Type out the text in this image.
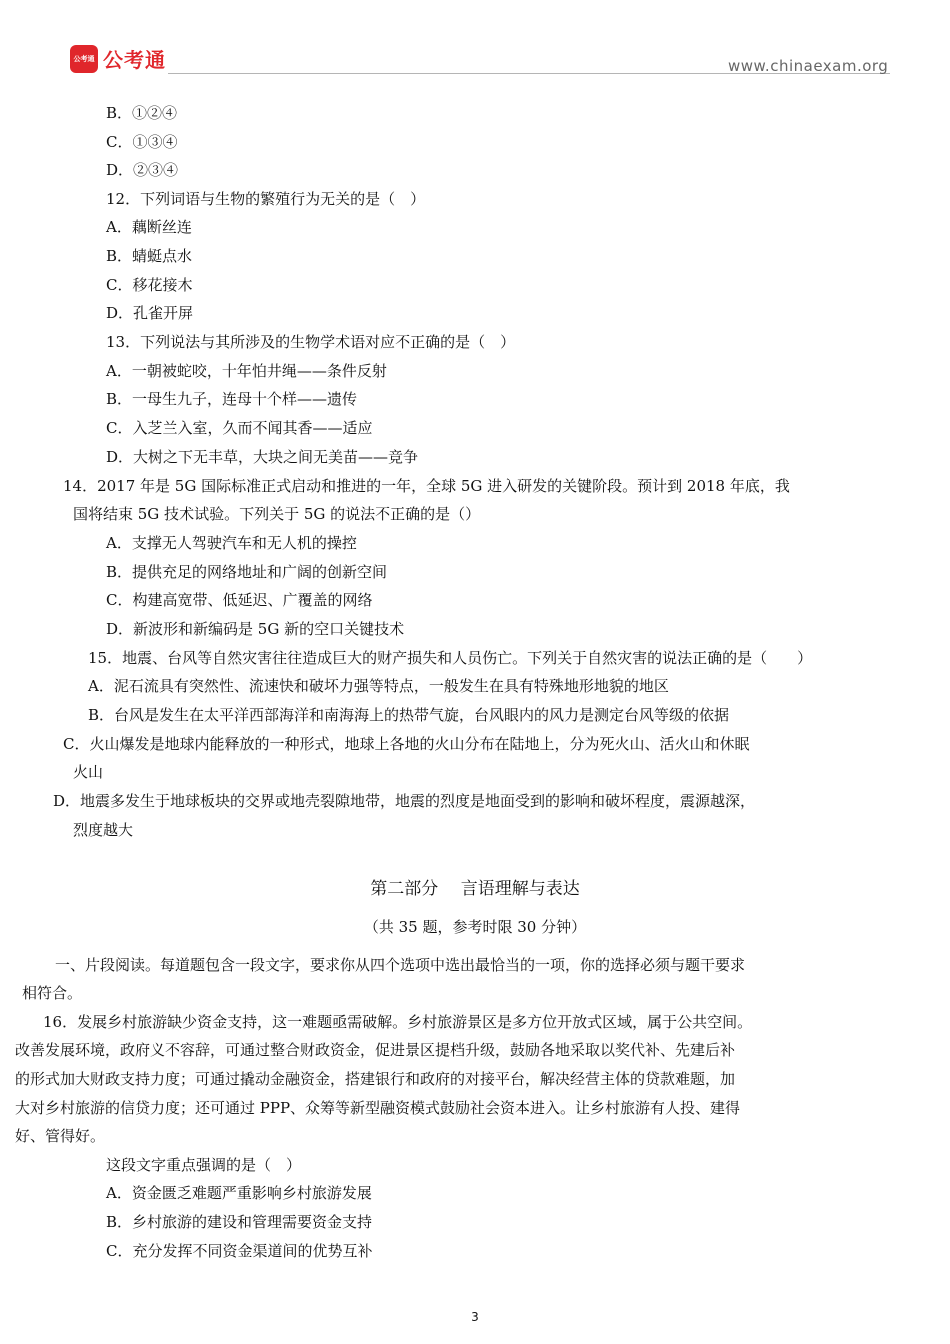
公考通 公考通	www.chinaexam.org
B．①②④
C．①③④
D．②③④
12．下列词语与生物的繁殖行为无关的是（　）
A．藕断丝连
B．蜻蜓点水
C．移花接木
D．孔雀开屏
13．下列说法与其所涉及的生物学术语对应不正确的是（　）
A．一朝被蛇咬，十年怕井绳——条件反射
B．一母生九子，连母十个样——遗传
C．入芝兰入室，久而不闻其香——适应
D．大树之下无丰草，大块之间无美苗——竞争
14．2017 年是 5G 国际标准正式启动和推进的一年，全球 5G 进入研发的关键阶段。预计到 2018 年底，我
国将结束 5G 技术试验。下列关于 5G 的说法不正确的是（）
A．支撑无人驾驶汽车和无人机的操控
B．提供充足的网络地址和广阔的创新空间
C．构建高宽带、低延迟、广覆盖的网络
D．新波形和新编码是 5G 新的空口关键技术
15．地震、台风等自然灾害往往造成巨大的财产损失和人员伤亡。下列关于自然灾害的说法正确的是（　　）
A．泥石流具有突然性、流速快和破坏力强等特点，一般发生在具有特殊地形地貌的地区
B．台风是发生在太平洋西部海洋和南海海上的热带气旋，台风眼内的风力是测定台风等级的依据
C．火山爆发是地球内能释放的一种形式，地球上各地的火山分布在陆地上，分为死火山、活火山和休眠
火山
D．地震多发生于地球板块的交界或地壳裂隙地带，地震的烈度是地面受到的影响和破坏程度，震源越深，
烈度越大
第二部分　 言语理解与表达
（共 35 题，参考时限 30 分钟）
一、片段阅读。每道题包含一段文字，要求你从四个选项中选出最恰当的一项，你的选择必须与题干要求
相符合。
16．发展乡村旅游缺少资金支持，这一难题亟需破解。乡村旅游景区是多方位开放式区域，属于公共空间。
改善发展环境，政府义不容辞，可通过整合财政资金，促进景区提档升级，鼓励各地采取以奖代补、先建后补
的形式加大财政支持力度；可通过撬动金融资金，搭建银行和政府的对接平台，解决经营主体的贷款难题，加
大对乡村旅游的信贷力度；还可通过 PPP、众筹等新型融资模式鼓励社会资本进入。让乡村旅游有人投、建得
好、管得好。
这段文字重点强调的是（　）
A．资金匮乏难题严重影响乡村旅游发展
B．乡村旅游的建设和管理需要资金支持
C．充分发挥不同资金渠道间的优势互补
3
